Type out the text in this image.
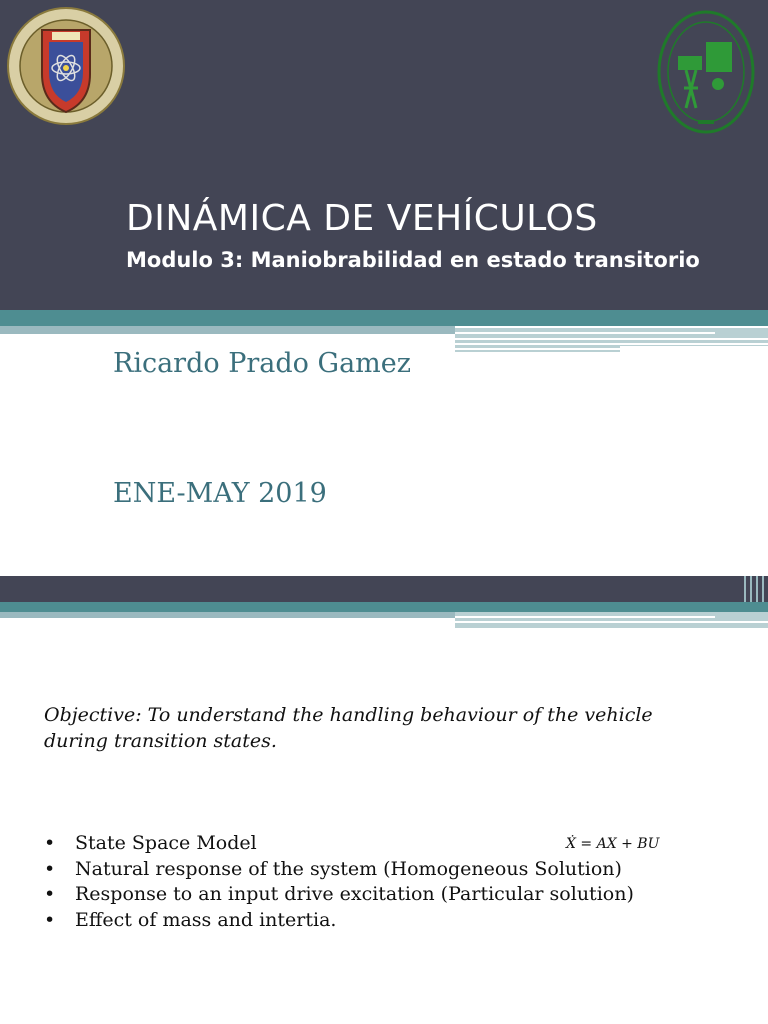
DINÁMICA DE VEHÍCULOS
Modulo 3: Maniobrabilidad en estado transitorio
Ricardo Prado Gamez
ENE-MAY 2019
Objective: To understand the handling behaviour of the vehicle during transition states.
• State Space Model
• Natural response of the system (Homogeneous Solution)
• Response to an input drive excitation (Particular solution)
• Effect of mass and intertia.
Ẋ = AX + BU
